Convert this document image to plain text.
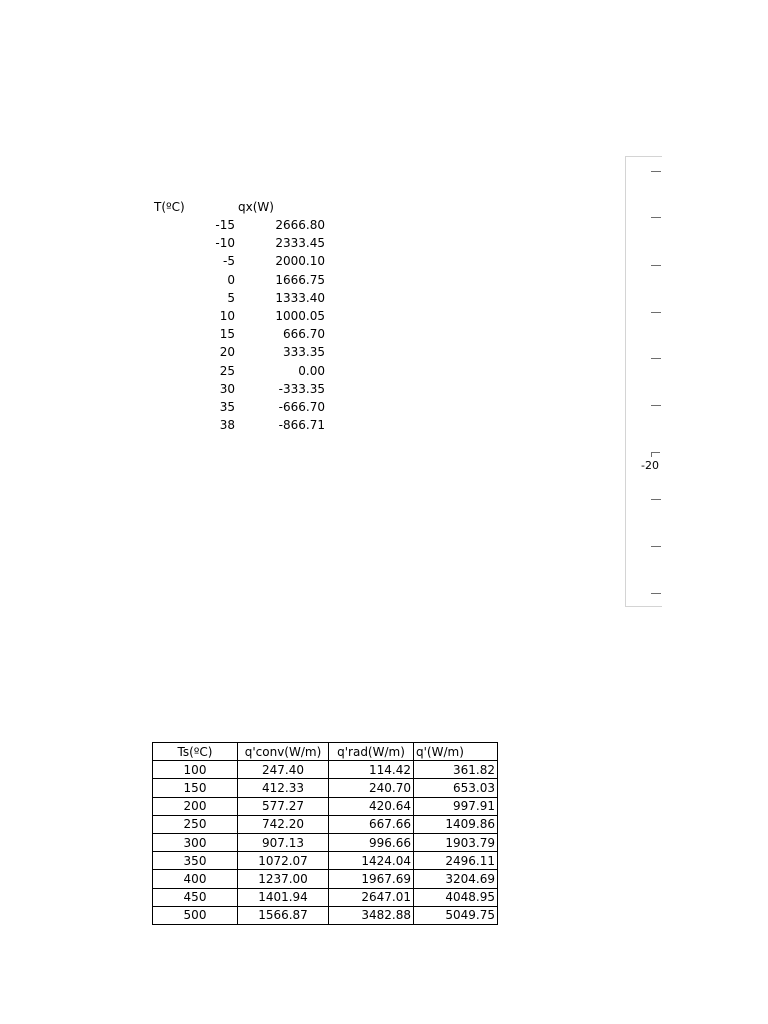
T(ºC)	qx(W)
-15	2666.80
-10	2333.45
-5	2000.10
0	1666.75
5	1333.40
10	1000.05
15	666.70
20	333.35
25	0.00
30	-333.35
35	-666.70
38	-866.71
-20
Ts(ºC)	q'conv(W/m)	q'rad(W/m)	q'(W/m)
100	247.40	114.42	361.82
150	412.33	240.70	653.03
200	577.27	420.64	997.91
250	742.20	667.66	1409.86
300	907.13	996.66	1903.79
350	1072.07	1424.04	2496.11
400	1237.00	1967.69	3204.69
450	1401.94	2647.01	4048.95
500	1566.87	3482.88	5049.75
